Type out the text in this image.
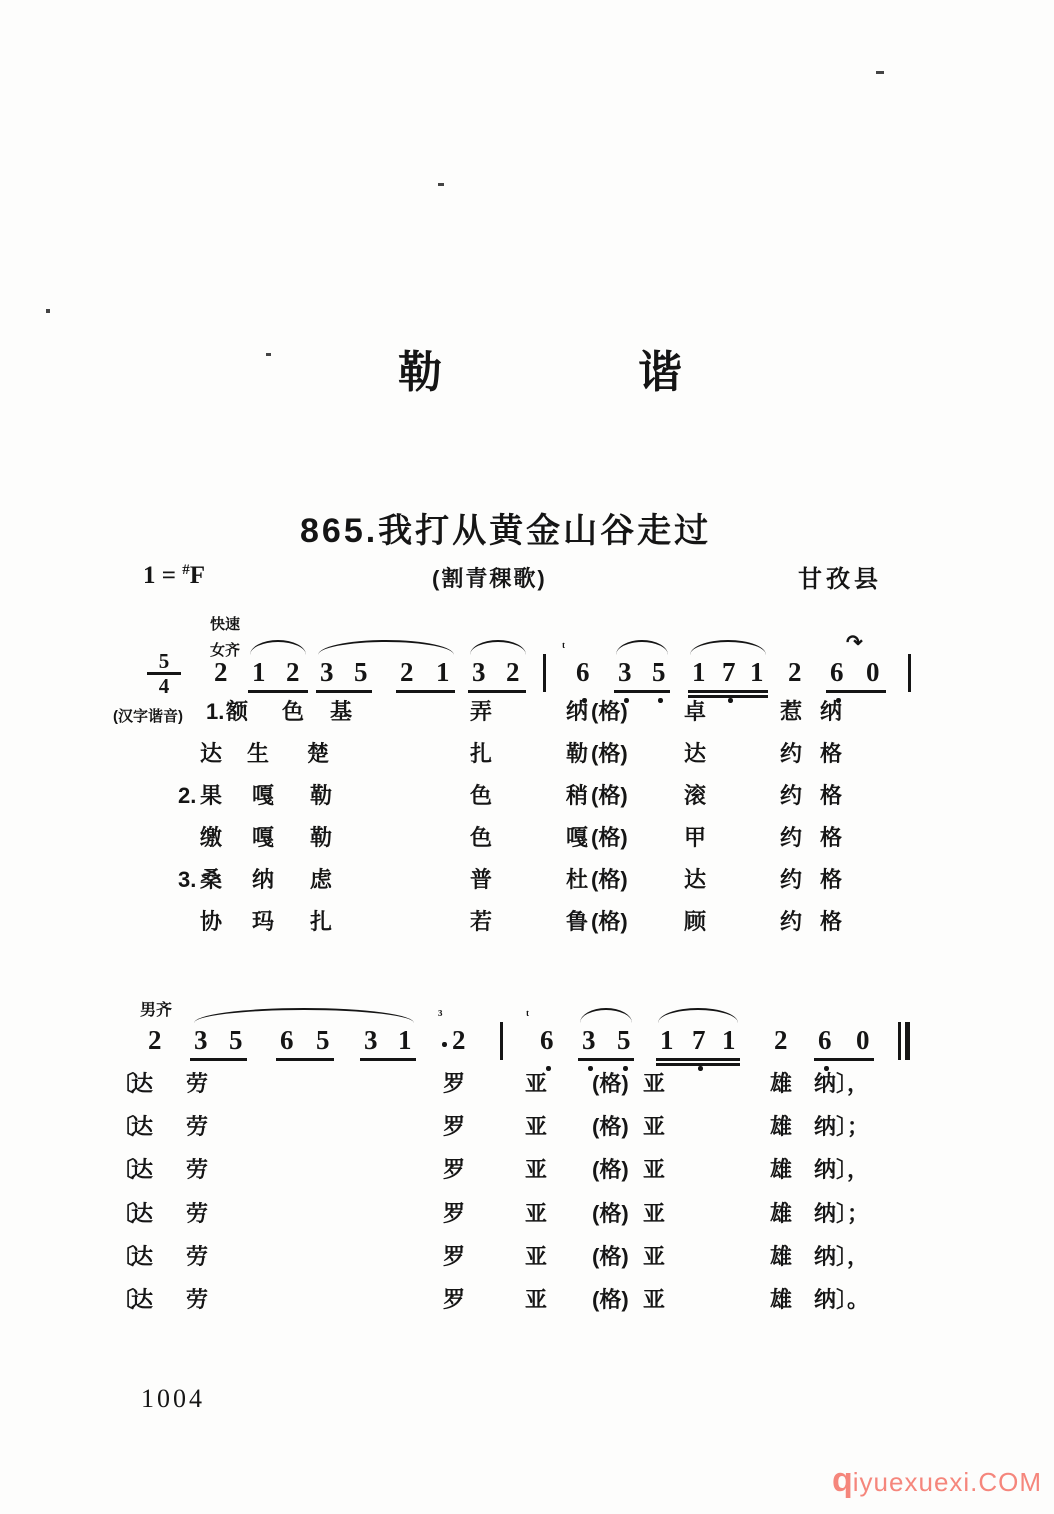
勒　谐
865.我打从黄金山谷走过
1 = #F	(割青稞歌)	甘孜县
快速
女齐
5
4
男齐
2 1 2 3 5 2 1 3 2
ᵗ
6 3 5 1 7 1 2 6 0
↷
(汉字谐音) 1. 额 色 基	弄	纳 (格)	卓	惹 纳
达 生 楚	扎	勒 (格)	达	约 格
2. 果 嘎 勒	色	稍 (格)	滚	约 格
缴 嘎 勒	色	嘎 (格)	甲	约 格
3. 桑 纳 虑	普	杜 (格)	达	约 格
协 玛 扎	若	鲁 (格)	顾	约 格
2 3 5 6 5 3 1
³
2
ᵗ
6 3 5 1 7 1 2 6 0
〔
达 劳	罗	亚 (格) 亚	雄 纳 〕，
〔
达 劳	罗	亚 (格) 亚	雄 纳 〕；
〔
达 劳	罗	亚 (格) 亚	雄 纳 〕，
〔
达 劳	罗	亚 (格) 亚	雄 纳 〕；
〔
达 劳	罗	亚 (格) 亚	雄 纳 〕，
〔
达 劳	罗	亚 (格) 亚	雄 纳 〕。
1004
qiyuexuexi.COM
